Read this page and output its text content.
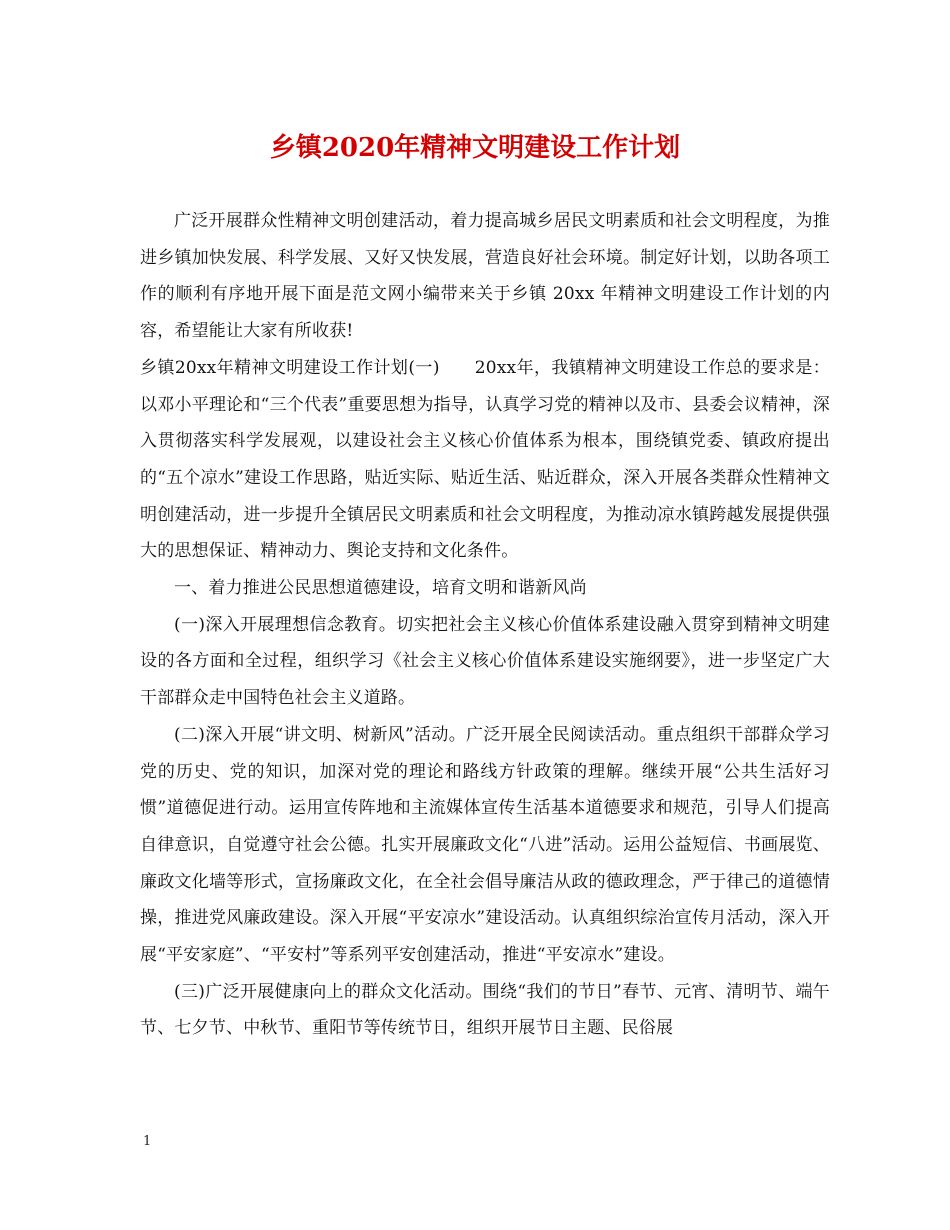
乡镇2020年精神文明建设工作计划

广泛开展群众性精神文明创建活动，着力提高城乡居民文明素质和社会文明程度，为推进乡镇加快发展、科学发展、又好又快发展，营造良好社会环境。制定好计划，以助各项工作的顺利有序地开展下面是范文网小编带来关于乡镇 20xx 年精神文明建设工作计划的内容，希望能让大家有所收获!

乡镇20xx年精神文明建设工作计划(一)　　20xx年，我镇精神文明建设工作总的要求是：以邓小平理论和“三个代表”重要思想为指导，认真学习党的精神以及市、县委会议精神，深入贯彻落实科学发展观，以建设社会主义核心价值体系为根本，围绕镇党委、镇政府提出的“五个凉水”建设工作思路，贴近实际、贴近生活、贴近群众，深入开展各类群众性精神文明创建活动，进一步提升全镇居民文明素质和社会文明程度，为推动凉水镇跨越发展提供强大的思想保证、精神动力、舆论支持和文化条件。

一、着力推进公民思想道德建设，培育文明和谐新风尚

(一)深入开展理想信念教育。切实把社会主义核心价值体系建设融入贯穿到精神文明建设的各方面和全过程，组织学习《社会主义核心价值体系建设实施纲要》，进一步坚定广大干部群众走中国特色社会主义道路。

(二)深入开展“讲文明、树新风”活动。广泛开展全民阅读活动。重点组织干部群众学习党的历史、党的知识，加深对党的理论和路线方针政策的理解。继续开展“公共生活好习惯”道德促进行动。运用宣传阵地和主流媒体宣传生活基本道德要求和规范，引导人们提高自律意识，自觉遵守社会公德。扎实开展廉政文化“八进”活动。运用公益短信、书画展览、廉政文化墙等形式，宣扬廉政文化，在全社会倡导廉洁从政的德政理念，严于律己的道德情操，推进党风廉政建设。深入开展“平安凉水”建设活动。认真组织综治宣传月活动，深入开展“平安家庭”、“平安村”等系列平安创建活动，推进“平安凉水”建设。

(三)广泛开展健康向上的群众文化活动。围绕“我们的节日”春节、元宵、清明节、端午节、七夕节、中秋节、重阳节等传统节日，组织开展节日主题、民俗展

1
